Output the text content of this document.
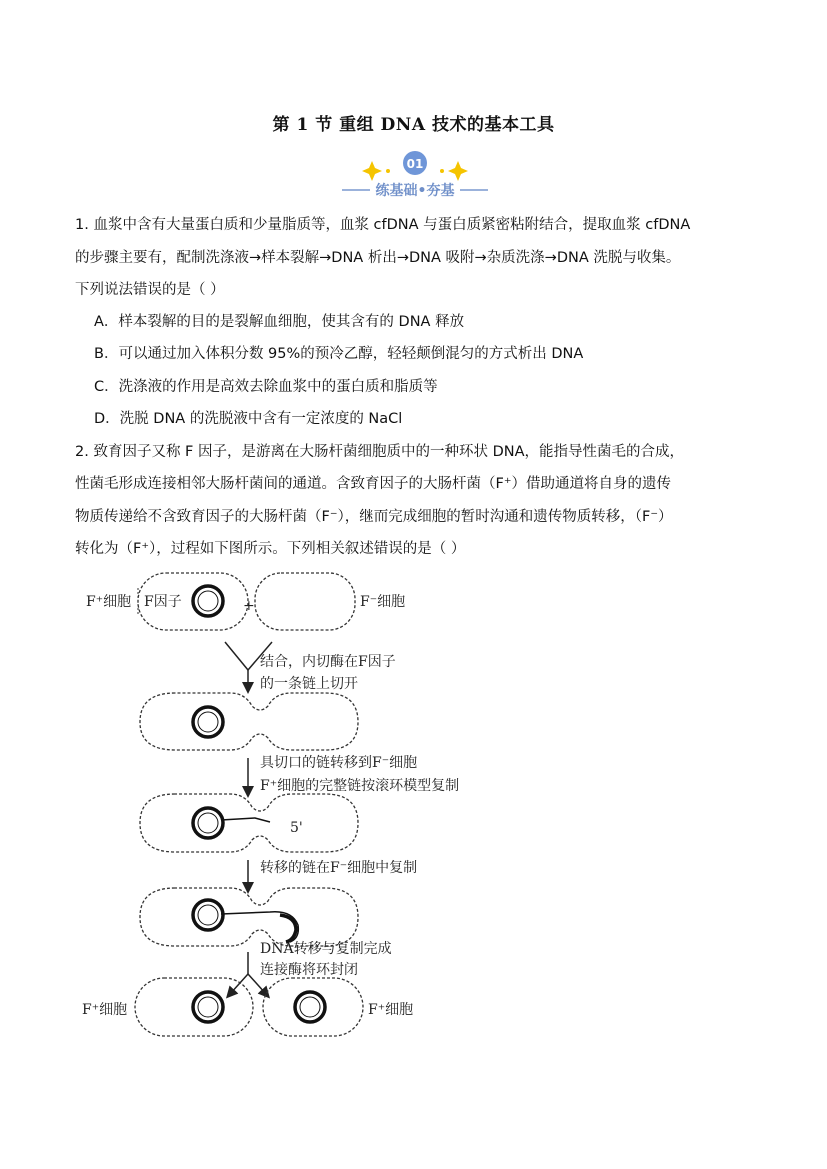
第 1 节 重组 DNA 技术的基本工具
01
练基础•夯基
1. 血浆中含有大量蛋白质和少量脂质等，血浆 cfDNA 与蛋白质紧密粘附结合，提取血浆 cfDNA
的步骤主要有，配制洗涤液→样本裂解→DNA 析出→DNA 吸附→杂质洗涤→DNA 洗脱与收集。
下列说法错误的是（ ）
A．样本裂解的目的是裂解血细胞，使其含有的 DNA 释放
B．可以通过加入体积分数 95%的预冷乙醇，轻轻颠倒混匀的方式析出 DNA
C．洗涤液的作用是高效去除血浆中的蛋白质和脂质等
D．洗脱 DNA 的洗脱液中含有一定浓度的 NaCl
2. 致育因子又称 F 因子，是游离在大肠杆菌细胞质中的一种环状 DNA，能指导性菌毛的合成，
性菌毛形成连接相邻大肠杆菌间的通道。含致育因子的大肠杆菌（F⁺）借助通道将自身的遗传
物质传递给不含致育因子的大肠杆菌（F⁻），继而完成细胞的暂时沟通和遗传物质转移，（F⁻）
转化为（F⁺），过程如下图所示。下列相关叙述错误的是（ ）
F⁺细胞 F因子	+	F⁻细胞
结合，内切酶在F因子
的一条链上切开
具切口的链转移到F⁻细胞
F⁺细胞的完整链按滚环模型复制
5'
转移的链在F⁻细胞中复制
DNA转移与复制完成
连接酶将环封闭
F⁺细胞	F⁺细胞
